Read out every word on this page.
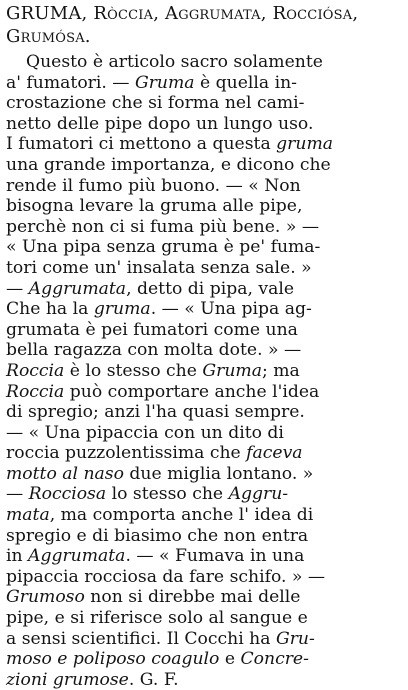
GRUMA, Ròccia, Aggrumata, Rocciósa, Grumósa.
Questo è articolo sacro solamente
a' fumatori. — Gruma è quella in-
crostazione che si forma nel cami-
netto delle pipe dopo un lungo uso.
I fumatori ci mettono a questa gruma
una grande importanza, e dicono che
rende il fumo più buono. — « Non
bisogna levare la gruma alle pipe,
perchè non ci si fuma più bene. » —
« Una pipa senza gruma è pe' fuma-
tori come un' insalata senza sale. »
— Aggrumata, detto di pipa, vale
Che ha la gruma. — « Una pipa ag-
grumata è pei fumatori come una
bella ragazza con molta dote. » —
Roccia è lo stesso che Gruma; ma
Roccia può comportare anche l'idea
di spregio; anzi l'ha quasi sempre.
— « Una pipaccia con un dito di
roccia puzzolentissima che faceva
motto al naso due miglia lontano. »
— Rocciosa lo stesso che Aggru-
mata, ma comporta anche l' idea di
spregio e di biasimo che non entra
in Aggrumata. — « Fumava in una
pipaccia rocciosa da fare schifo. » —
Grumoso non si direbbe mai delle
pipe, e si riferisce solo al sangue e
a sensi scientifici. Il Cocchi ha Gru-
moso e poliposo coagulo e Concre-
zioni grumose. G. F.
